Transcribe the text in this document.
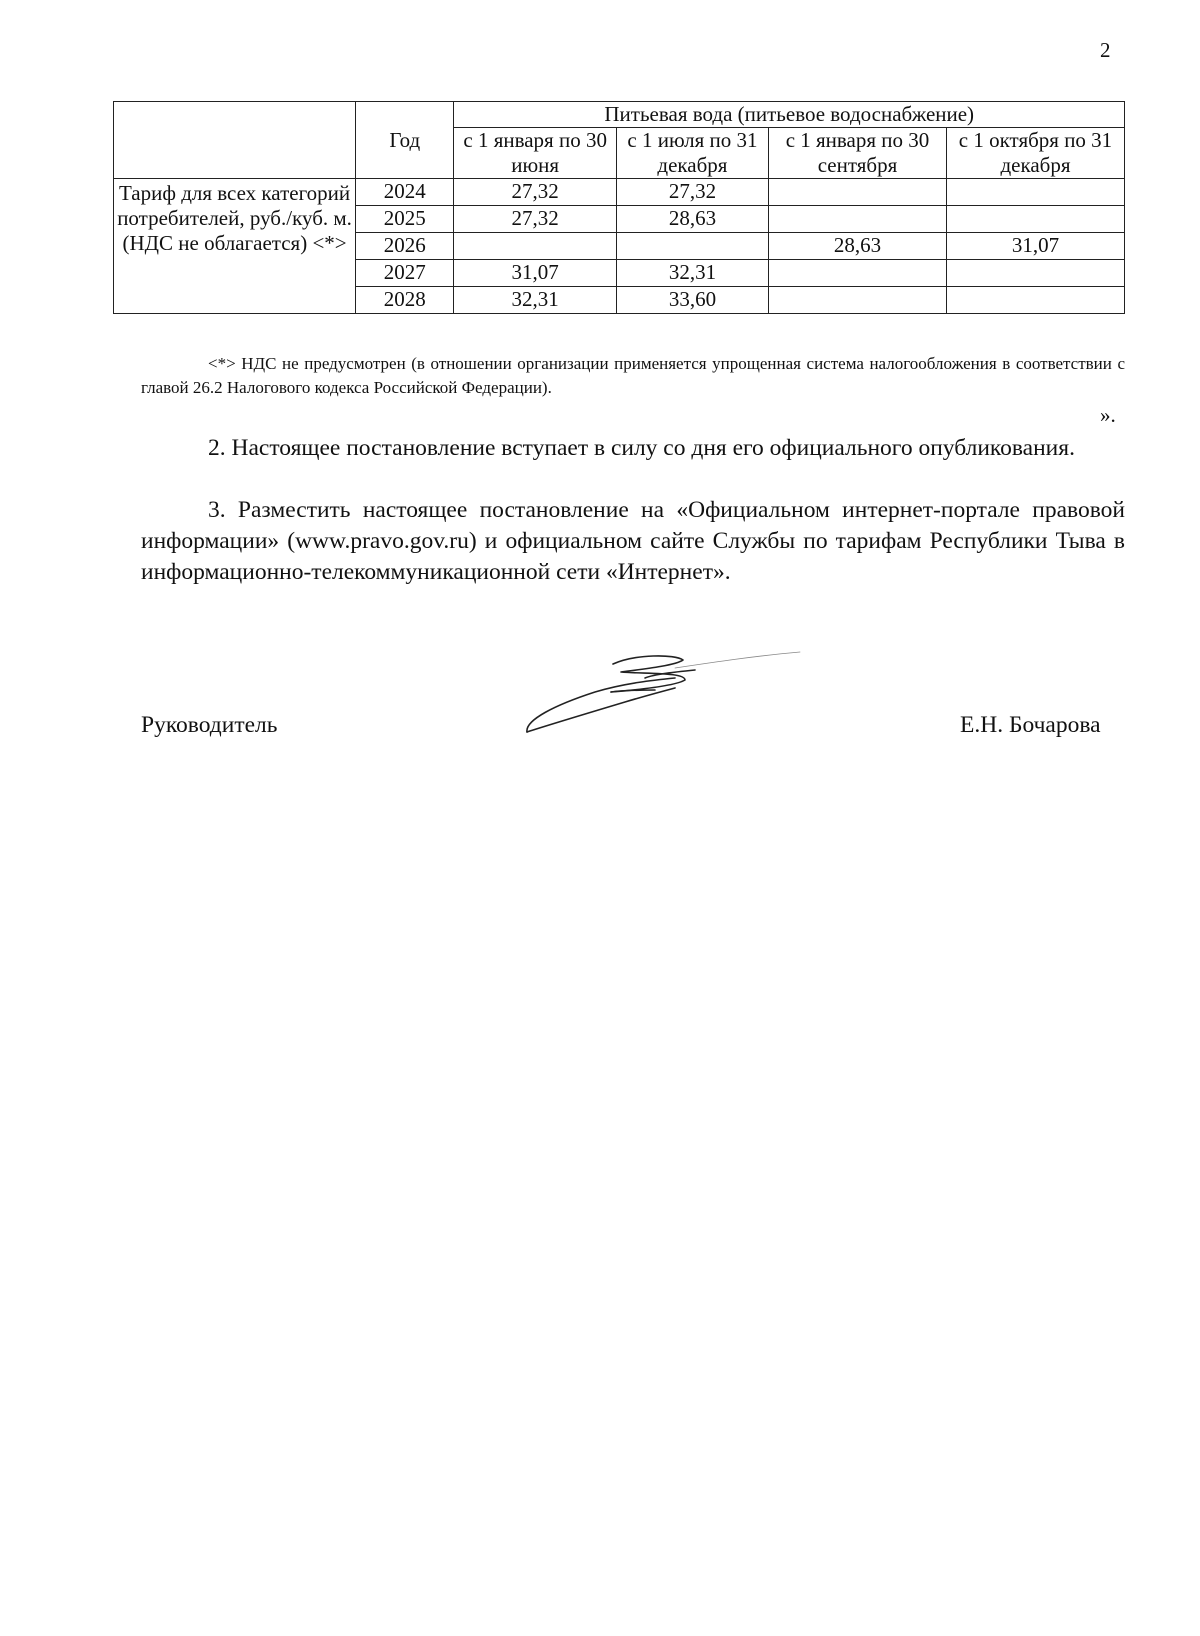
2
	Год	Питьевая вода (питьевое водоснабжение)			
		с 1 января по 30 июня	с 1 июля по 31 декабря	с 1 января по 30 сентября	с 1 октября по 31 декабря
Тариф для всех категорий потребителей, руб./куб. м. (НДС не облагается) <*>	2024	27,32	27,32		
	2025	27,32	28,63		
	2026			28,63	31,07
	2027	31,07	32,31		
	2028	32,31	33,60		

<*> НДС не предусмотрен (в отношении организации применяется упрощенная система налогообложения в соответствии с главой 26.2 Налогового кодекса Российской Федерации).

».

2. Настоящее постановление вступает в силу со дня его официального опубликования.

3. Разместить настоящее постановление на «Официальном интернет-портале правовой информации» (www.pravo.gov.ru) и официальном сайте Службы по тарифам Республики Тыва в информационно-телекоммуникационной сети «Интернет».

Руководитель	Е.Н. Бочарова
